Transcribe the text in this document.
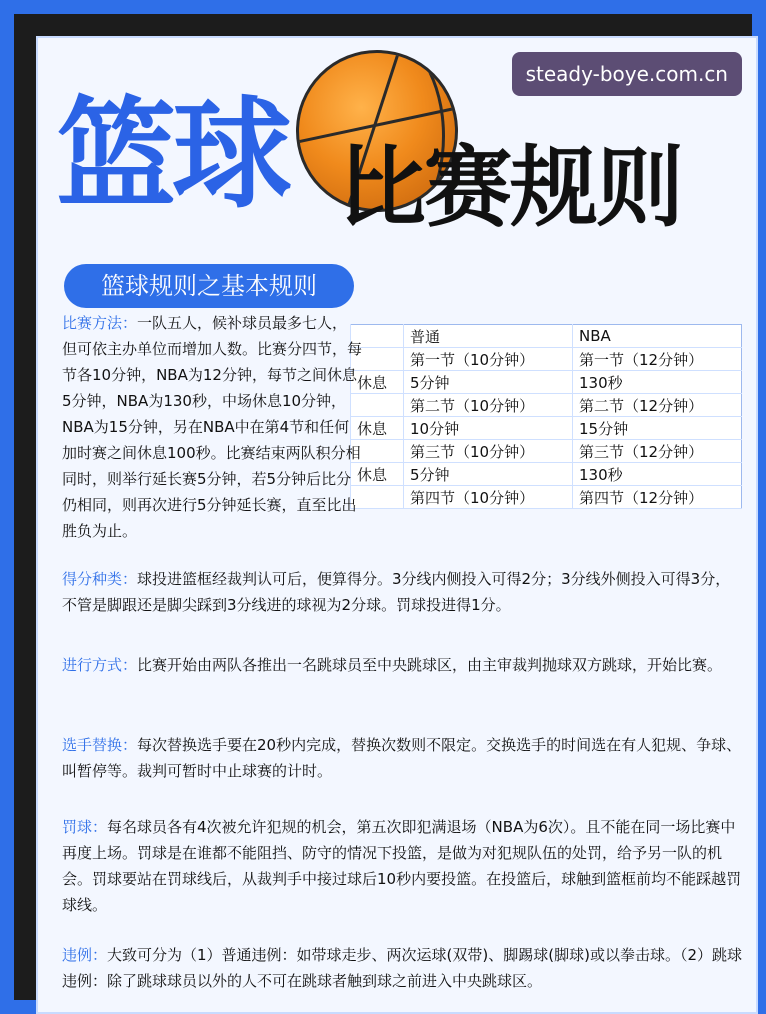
篮球 比赛规则
steady-boye.com.cn
篮球规则之基本规则
	普通	NBA
	第一节（10分钟）	第一节（12分钟）
休息	5分钟	130秒
	第二节（10分钟）	第二节（12分钟）
休息	10分钟	15分钟
	第三节（10分钟）	第三节（12分钟）
休息	5分钟	130秒
	第四节（10分钟）	第四节（12分钟）
比赛方法：一队五人，候补球员最多七人，但可依主办单位而增加人数。比赛分四节，每节各10分钟，NBA为12分钟，每节之间休息5分钟，NBA为130秒，中场休息10分钟，NBA为15分钟，另在NBA中在第4节和任何加时赛之间休息100秒。比赛结束两队积分相同时，则举行延长赛5分钟，若5分钟后比分仍相同，则再次进行5分钟延长赛，直至比出胜负为止。
得分种类：球投进篮框经裁判认可后，便算得分。3分线内侧投入可得2分；3分线外侧投入可得3分，不管是脚跟还是脚尖踩到3分线进的球视为2分球。罚球投进得1分。
进行方式：比赛开始由两队各推出一名跳球员至中央跳球区，由主审裁判抛球双方跳球，开始比赛。
选手替换：每次替换选手要在20秒内完成，替换次数则不限定。交换选手的时间选在有人犯规、争球、叫暂停等。裁判可暂时中止球赛的计时。
罚球：每名球员各有4次被允许犯规的机会，第五次即犯满退场（NBA为6次）。且不能在同一场比赛中再度上场。罚球是在谁都不能阻挡、防守的情况下投篮，是做为对犯规队伍的处罚，给予另一队的机会。罚球要站在罚球线后，从裁判手中接过球后10秒内要投篮。在投篮后，球触到篮框前均不能踩越罚球线。
违例：大致可分为（1）普通违例：如带球走步、两次运球(双带)、脚踢球(脚球)或以拳击球。（2）跳球违例：除了跳球球员以外的人不可在跳球者触到球之前进入中央跳球区。
